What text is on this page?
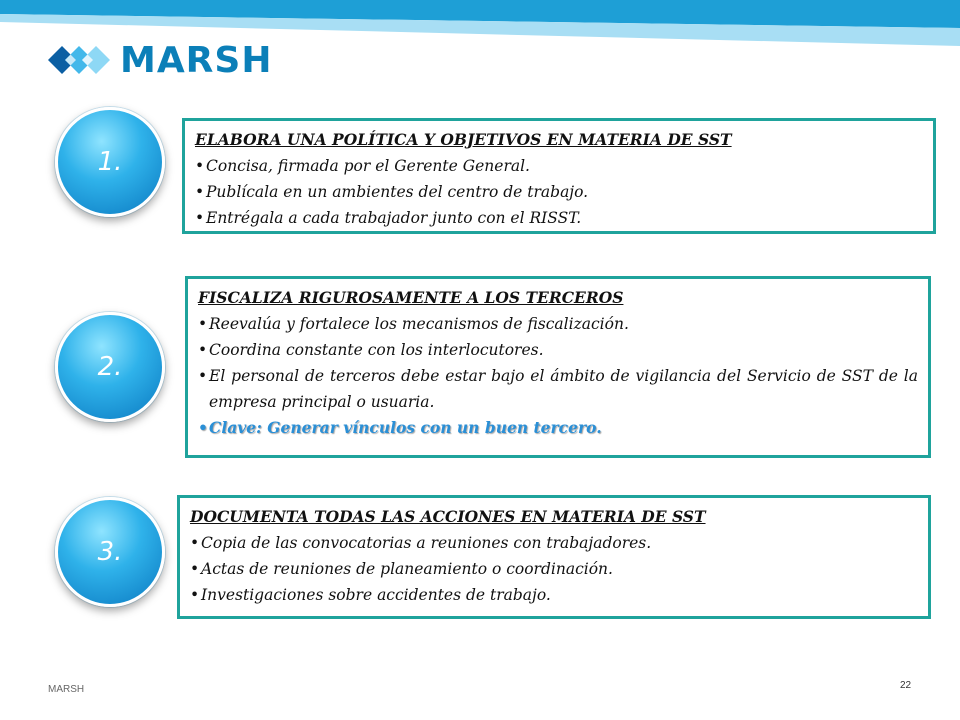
MARSH
1.
ELABORA UNA POLÍTICA Y OBJETIVOS EN MATERIA DE SST
• Concisa, firmada por el Gerente General.
• Publícala en un ambientes del centro de trabajo.
• Entrégala a cada trabajador junto con el RISST.
2.
FISCALIZA RIGUROSAMENTE A LOS TERCEROS
• Reevalúa y fortalece los mecanismos de fiscalización.
• Coordina constante con los interlocutores.
• El personal de terceros debe estar bajo el ámbito de vigilancia del Servicio de SST de la empresa principal o usuaria.
• Clave: Generar vínculos con un buen tercero.
3.
DOCUMENTA TODAS LAS ACCIONES EN MATERIA DE SST
• Copia de las convocatorias a reuniones con trabajadores.
• Actas de reuniones de planeamiento o coordinación.
• Investigaciones sobre accidentes de trabajo.
MARSH	22
